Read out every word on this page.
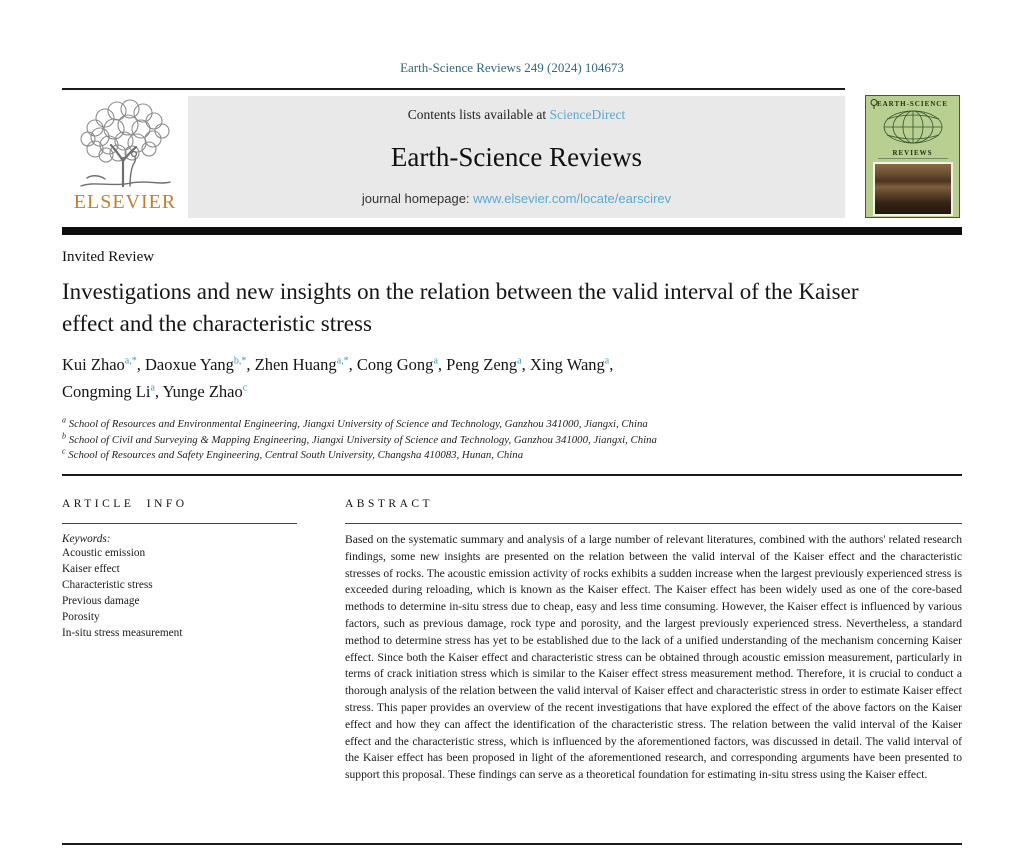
Earth-Science Reviews 249 (2024) 104673
ELSEVIER
Contents lists available at ScienceDirect
Earth-Science Reviews
journal homepage: www.elsevier.com/locate/earscirev
EARTH-SCIENCE
REVIEWS
Invited Review
Investigations and new insights on the relation between the valid interval of the Kaiser effect and the characteristic stress
Kui Zhao$^{a,*}$, Daoxue Yang$^{b,*}$, Zhen Huang$^{a,*}$, Cong Gong$^a$, Peng Zeng$^a$, Xing Wang$^a$,
Congming Li$^a$, Yunge Zhao$^c$
$^a$ School of Resources and Environmental Engineering, Jiangxi University of Science and Technology, Ganzhou 341000, Jiangxi, China
$^b$ School of Civil and Surveying & Mapping Engineering, Jiangxi University of Science and Technology, Ganzhou 341000, Jiangxi, China
$^c$ School of Resources and Safety Engineering, Central South University, Changsha 410083, Hunan, China
ARTICLE INFO
Keywords:
Acoustic emission
Kaiser effect
Characteristic stress
Previous damage
Porosity
In-situ stress measurement
ABSTRACT
Based on the systematic summary and analysis of a large number of relevant literatures, combined with the authors' related research findings, some new insights are presented on the relation between the valid interval of the Kaiser effect and the characteristic stresses of rocks. The acoustic emission activity of rocks exhibits a sudden increase when the largest previously experienced stress is exceeded during reloading, which is known as the Kaiser effect. The Kaiser effect has been widely used as one of the core-based methods to determine in-situ stress due to cheap, easy and less time consuming. However, the Kaiser effect is influenced by various factors, such as previous damage, rock type and porosity, and the largest previously experienced stress. Nevertheless, a standard method to determine stress has yet to be established due to the lack of a unified understanding of the mechanism concerning Kaiser effect. Since both the Kaiser effect and characteristic stress can be obtained through acoustic emission measurement, particularly in terms of crack initiation stress which is similar to the Kaiser effect stress measurement method. Therefore, it is crucial to conduct a thorough analysis of the relation between the valid interval of Kaiser effect and characteristic stress in order to estimate Kaiser effect stress. This paper provides an overview of the recent investigations that have explored the effect of the above factors on the Kaiser effect and how they can affect the identification of the characteristic stress. The relation between the valid interval of the Kaiser effect and the characteristic stress, which is influenced by the aforementioned factors, was discussed in detail. The valid interval of the Kaiser effect has been proposed in light of the aforementioned research, and corresponding arguments have been presented to support this proposal. These findings can serve as a theoretical foundation for estimating in-situ stress using the Kaiser effect.
